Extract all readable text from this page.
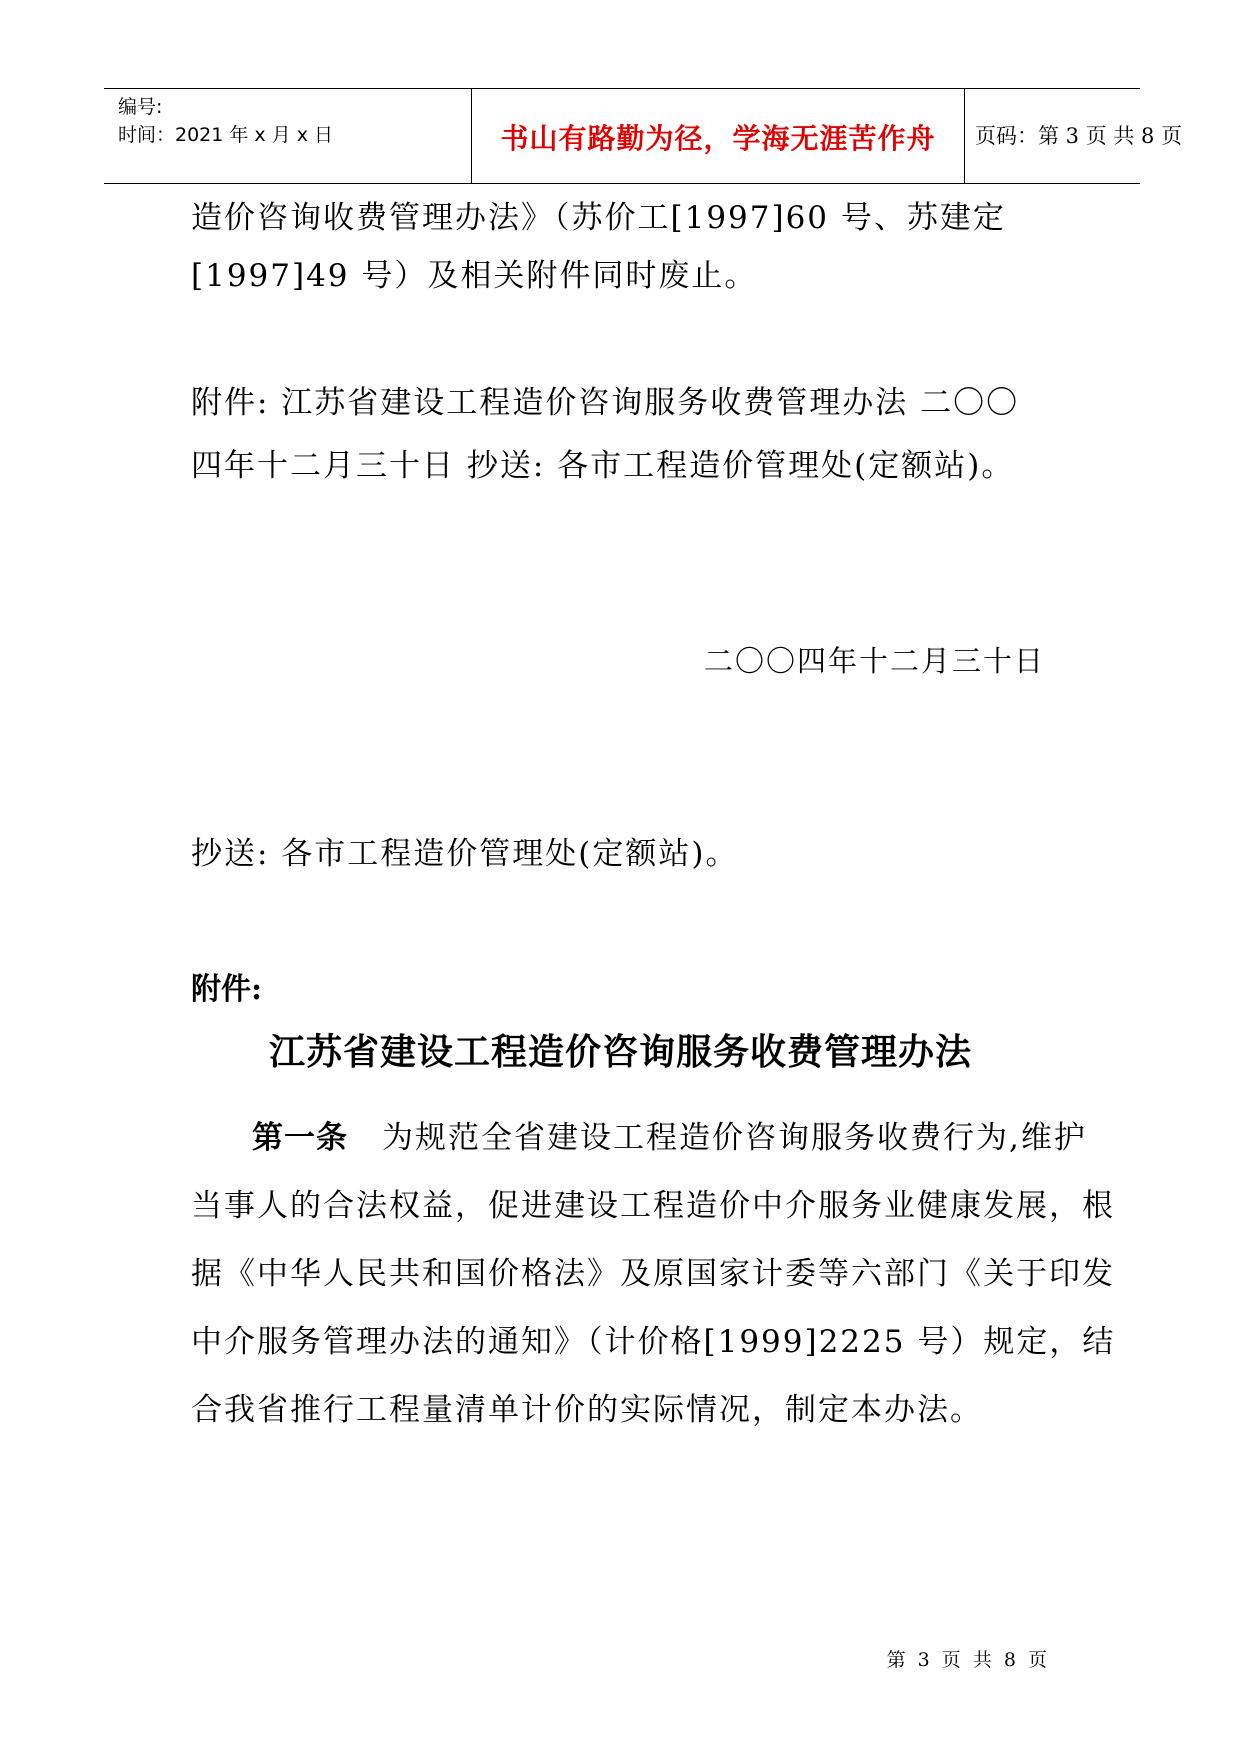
编号:
时间：2021 年 x 月 x 日	书山有路勤为径，学海无涯苦作舟	页码：第 3 页 共 8 页
造价咨询收费管理办法》（苏价工[1997]60 号、苏建定
[1997]49 号）及相关附件同时废止。
附件: 江苏省建设工程造价咨询服务收费管理办法 二〇〇
四年十二月三十日 抄送: 各市工程造价管理处(定额站)。
二〇〇四年十二月三十日
抄送: 各市工程造价管理处(定额站)。
附件:
江苏省建设工程造价咨询服务收费管理办法
第一条 为规范全省建设工程造价咨询服务收费行为,维护
当事人的合法权益，促进建设工程造价中介服务业健康发展，根
据《中华人民共和国价格法》及原国家计委等六部门《关于印发
中介服务管理办法的通知》（计价格[1999]2225 号）规定，结
合我省推行工程量清单计价的实际情况，制定本办法。
第 3 页 共 8 页
